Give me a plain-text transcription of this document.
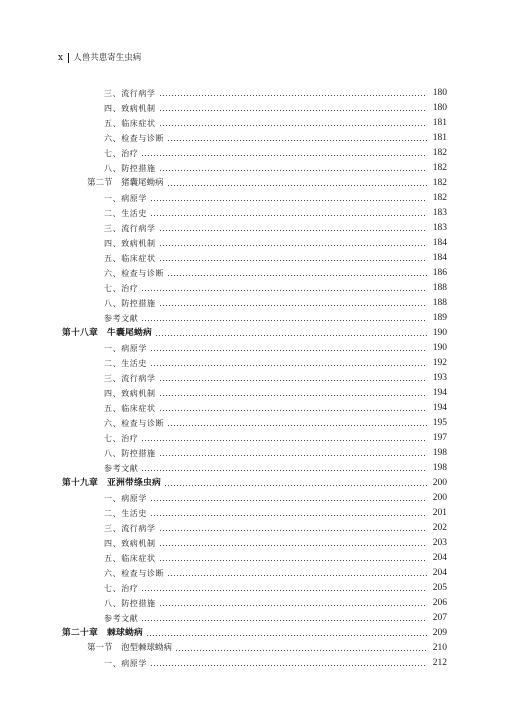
x 人兽共患寄生虫病
三、流行病学	180
四、致病机制	180
五、临床症状	181
六、检查与诊断	181
七、治疗	182
八、防控措施	182
第二节　猪囊尾蚴病	182
一、病原学	182
二、生活史	183
三、流行病学	183
四、致病机制	184
五、临床症状	184
六、检查与诊断	186
七、治疗	188
八、防控措施	188
参考文献	189
第十八章　牛囊尾蚴病	190
一、病原学	190
二、生活史	192
三、流行病学	193
四、致病机制	194
五、临床症状	194
六、检查与诊断	195
七、治疗	197
八、防控措施	198
参考文献	198
第十九章　亚洲带绦虫病	200
一、病原学	200
二、生活史	201
三、流行病学	202
四、致病机制	203
五、临床症状	204
六、检查与诊断	204
七、治疗	205
八、防控措施	206
参考文献	207
第二十章　棘球蚴病	209
第一节　泡型棘球蚴病	210
一、病原学	212
